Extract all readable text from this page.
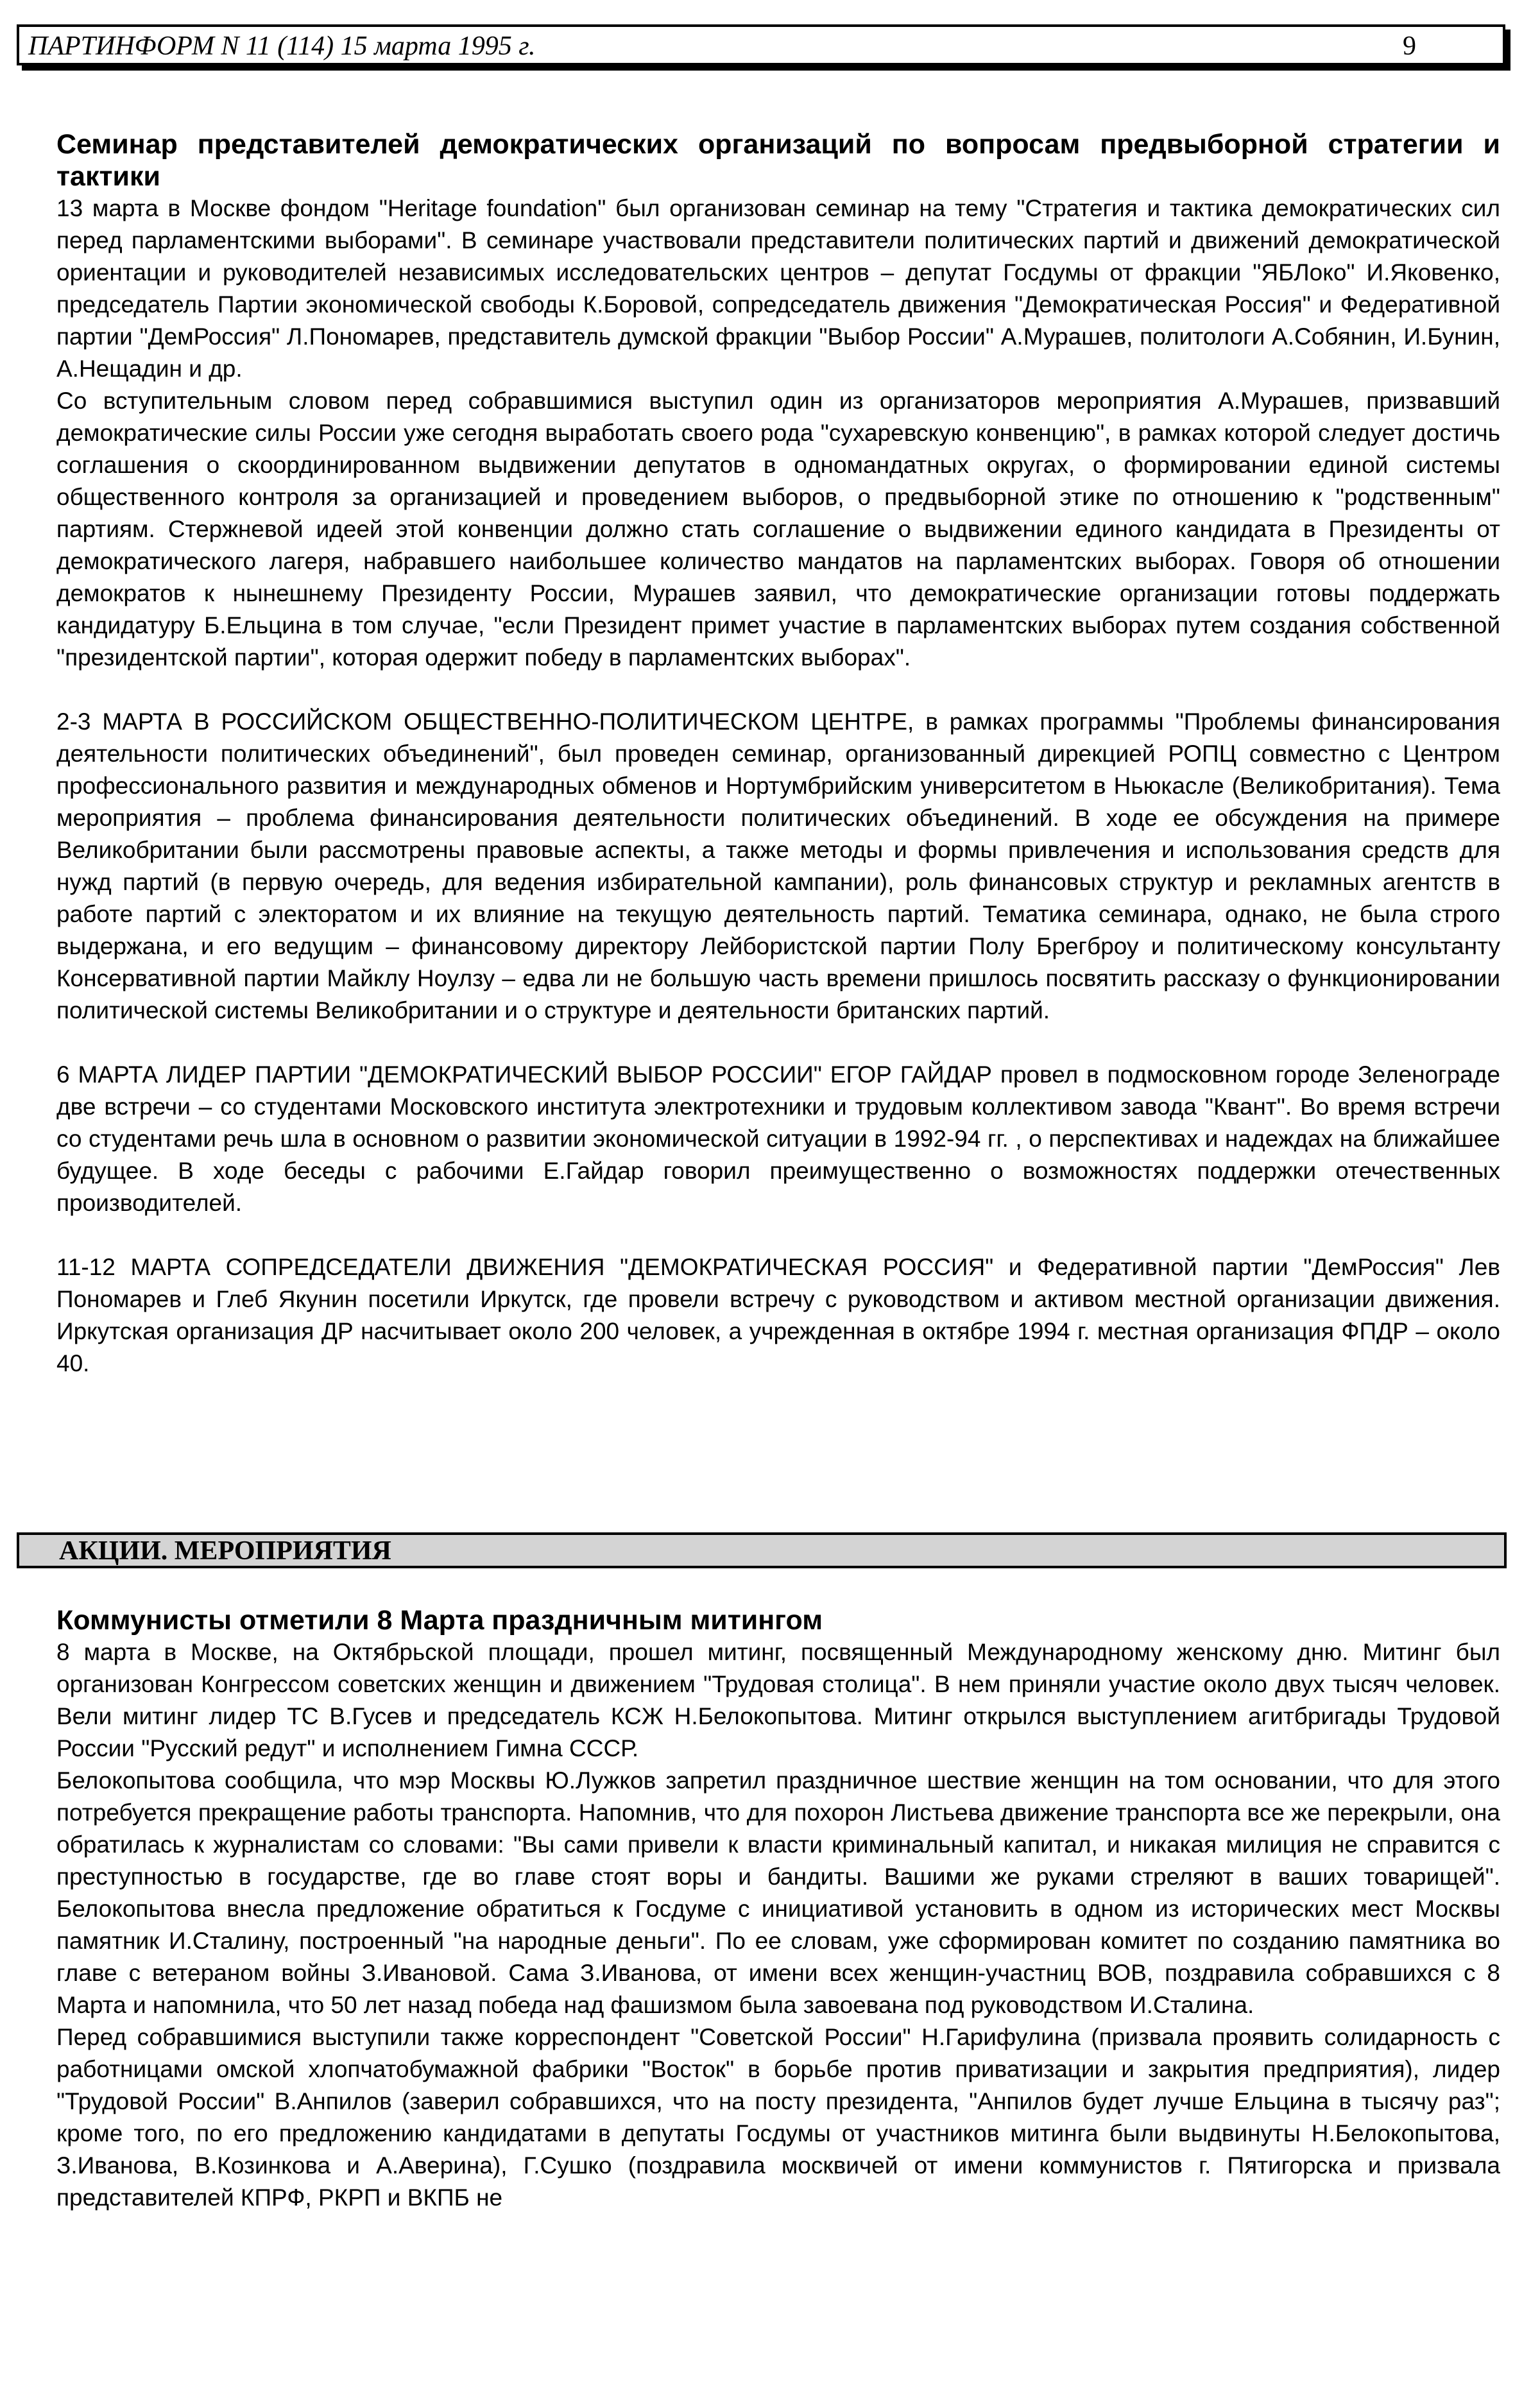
ПАРТИНФОРМ N 11 (114) 15 марта 1995 г.	9
Семинар представителей демократических организаций по вопросам предвыборной стратегии и тактики

13 марта в Москве фондом "Heritage foundation" был организован семинар на тему "Стратегия и тактика демократических сил перед парламентскими выборами". В семинаре участвовали представители политических партий и движений демократической ориентации и руководителей независимых исследовательских центров – депутат Госдумы от фракции "ЯБЛоко" И.Яковенко, председатель Партии экономической свободы К.Боровой, сопредседатель движения "Демократическая Россия" и Федеративной партии "ДемРоссия" Л.Пономарев, представитель думской фракции "Выбор России" А.Мурашев, политологи А.Собянин, И.Бунин, А.Нещадин и др.

Со вступительным словом перед собравшимися выступил один из организаторов мероприятия А.Мурашев, призвавший демократические силы России уже сегодня выработать своего рода "сухаревскую конвенцию", в рамках которой следует достичь соглашения о скоординированном выдвижении депутатов в одномандатных округах, о формировании единой системы общественного контроля за организацией и проведением выборов, о предвыборной этике по отношению к "родственным" партиям. Стержневой идеей этой конвенции должно стать соглашение о выдвижении единого кандидата в Президенты от демократического лагеря, набравшего наибольшее количество мандатов на парламентских выборах. Говоря об отношении демократов к нынешнему Президенту России, Мурашев заявил, что демократические организации готовы поддержать кандидатуру Б.Ельцина в том случае, "если Президент примет участие в парламентских выборах путем создания собственной "президентской партии", которая одержит победу в парламентских выборах".

2-3 МАРТА В РОССИЙСКОМ ОБЩЕСТВЕННО-ПОЛИТИЧЕСКОМ ЦЕНТРЕ, в рамках программы "Проблемы финансирования деятельности политических объединений", был проведен семинар, организованный дирекцией РОПЦ совместно с Центром профессионального развития и международных обменов и Нортумбрийским университетом в Ньюкасле (Великобритания). Тема мероприятия – проблема финансирования деятельности политических объединений. В ходе ее обсуждения на примере Великобритании были рассмотрены правовые аспекты, а также методы и формы привлечения и использования средств для нужд партий (в первую очередь, для ведения избирательной кампании), роль финансовых структур и рекламных агентств в работе партий с электоратом и их влияние на текущую деятельность партий. Тематика семинара, однако, не была строго выдержана, и его ведущим – финансовому директору Лейбористской партии Полу Брегброу и политическому консультанту Консервативной партии Майклу Ноулзу – едва ли не большую часть времени пришлось посвятить рассказу о функционировании политической системы Великобритании и о структуре и деятельности британских партий.

6 МАРТА ЛИДЕР ПАРТИИ "ДЕМОКРАТИЧЕСКИЙ ВЫБОР РОССИИ" ЕГОР ГАЙДАР провел в подмосковном городе Зеленограде две встречи – со студентами Московского института электротехники и трудовым коллективом завода "Квант". Во время встречи со студентами речь шла в основном о развитии экономической ситуации в 1992-94 гг. , о перспективах и надеждах на ближайшее будущее. В ходе беседы с рабочими Е.Гайдар говорил преимущественно о возможностях поддержки отечественных производителей.

11-12 МАРТА СОПРЕДСЕДАТЕЛИ ДВИЖЕНИЯ "ДЕМОКРАТИЧЕСКАЯ РОССИЯ" и Федеративной партии "ДемРоссия" Лев Пономарев и Глеб Якунин посетили Иркутск, где провели встречу с руководством и активом местной организации движения. Иркутская организация ДР насчитывает около 200 человек, а учрежденная в октябре 1994 г. местная организация ФПДР – около 40.

АКЦИИ. МЕРОПРИЯТИЯ
Коммунисты отметили 8 Марта праздничным митингом

8 марта в Москве, на Октябрьской площади, прошел митинг, посвященный Международному женскому дню. Митинг был организован Конгрессом советских женщин и движением "Трудовая столица". В нем приняли участие около двух тысяч человек. Вели митинг лидер ТС В.Гусев и председатель КСЖ Н.Белокопытова. Митинг открылся выступлением агитбригады Трудовой России "Русский редут" и исполнением Гимна СССР.

Белокопытова сообщила, что мэр Москвы Ю.Лужков запретил праздничное шествие женщин на том основании, что для этого потребуется прекращение работы транспорта. Напомнив, что для похорон Листьева движение транспорта все же перекрыли, она обратилась к журналистам со словами: "Вы сами привели к власти криминальный капитал, и никакая милиция не справится с преступностью в государстве, где во главе стоят воры и бандиты. Вашими же руками стреляют в ваших товарищей". Белокопытова внесла предложение обратиться к Госдуме с инициативой установить в одном из исторических мест Москвы памятник И.Сталину, построенный "на народные деньги". По ее словам, уже сформирован комитет по созданию памятника во главе с ветераном войны З.Ивановой. Сама З.Иванова, от имени всех женщин-участниц ВОВ, поздравила собравшихся с 8 Марта и напомнила, что 50 лет назад победа над фашизмом была завоевана под руководством И.Сталина.

Перед собравшимися выступили также корреспондент "Советской России" Н.Гарифулина (призвала проявить солидарность с работницами омской хлопчатобумажной фабрики "Восток" в борьбе против приватизации и закрытия предприятия), лидер "Трудовой России" В.Анпилов (заверил собравшихся, что на посту президента, "Анпилов будет лучше Ельцина в тысячу раз"; кроме того, по его предложению кандидатами в депутаты Госдумы от участников митинга были выдвинуты Н.Белокопытова, З.Иванова, В.Козинкова и А.Аверина), Г.Сушко (поздравила москвичей от имени коммунистов г. Пятигорска и призвала представителей КПРФ, РКРП и ВКПБ не
